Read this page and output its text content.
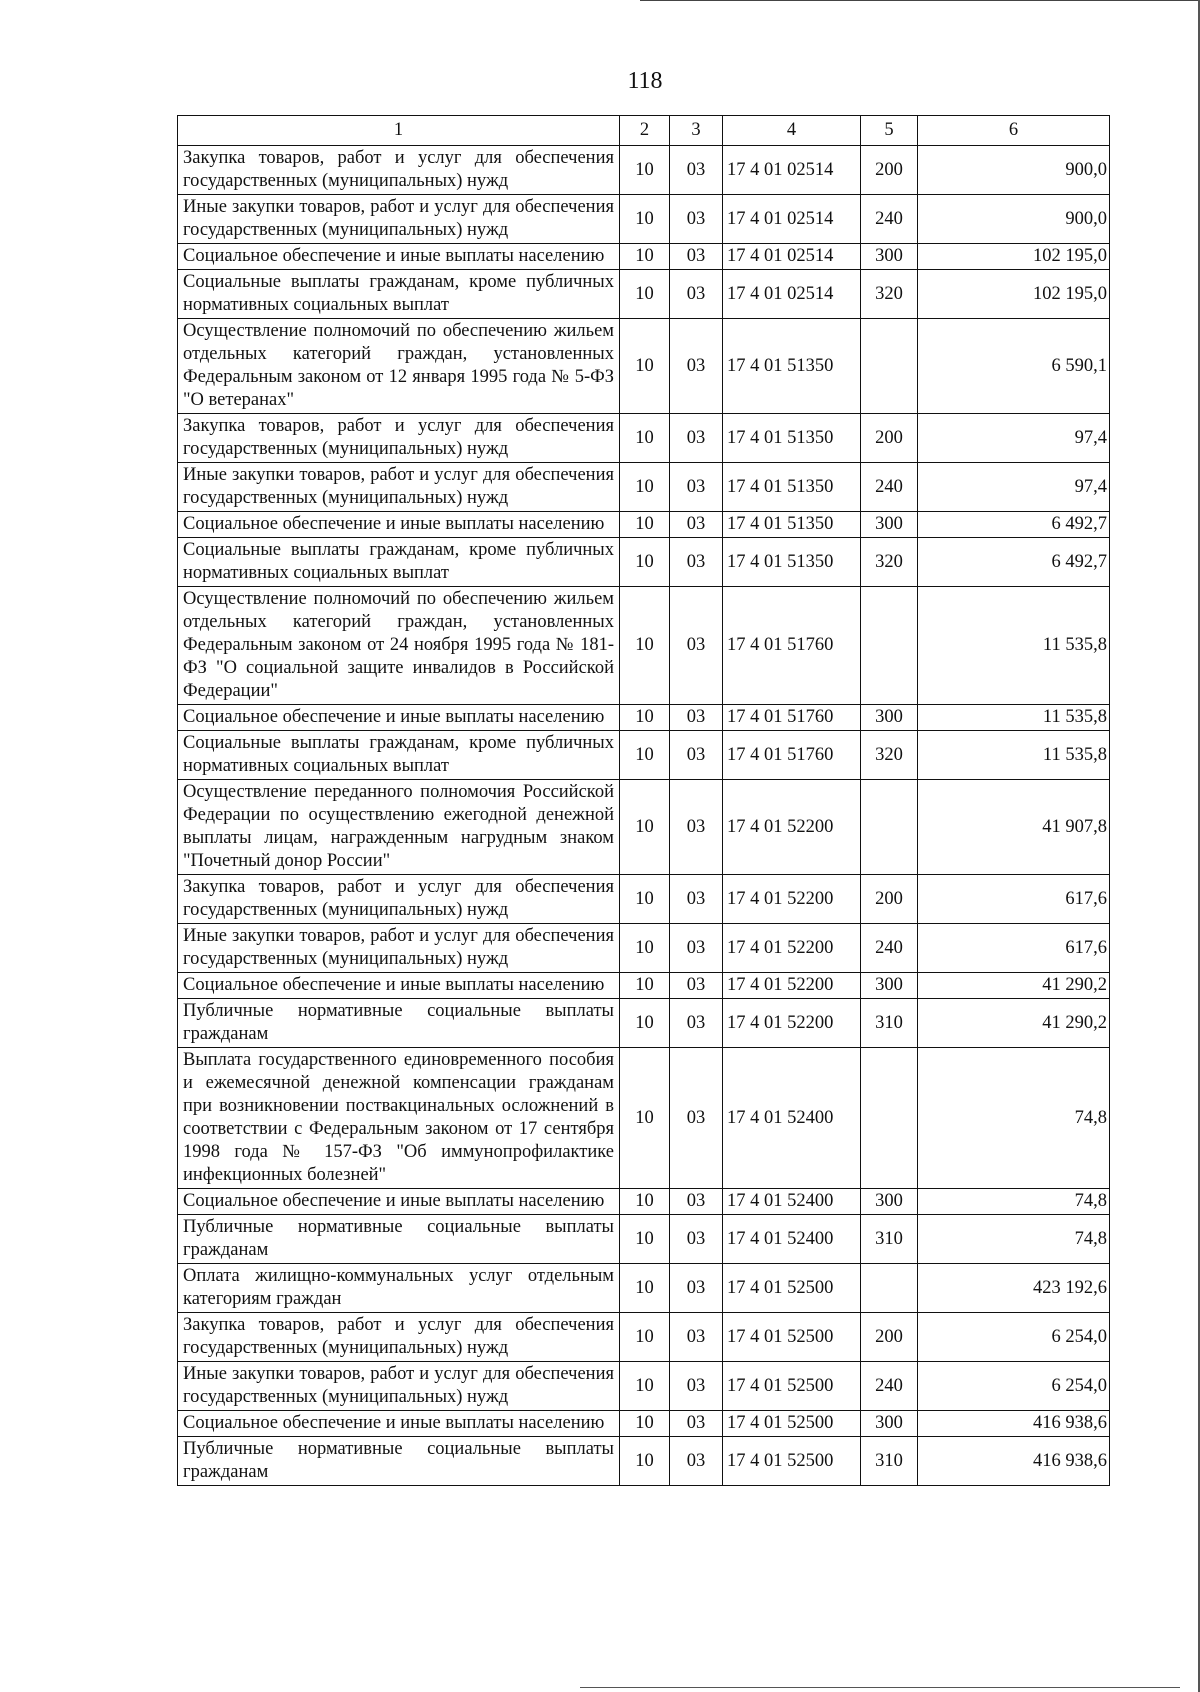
118
1	2	3	4	5	6
Закупка товаров, работ и услуг для обеспечения государственных (муниципальных) нужд	10	03	17 4 01 02514	200	900,0
Иные закупки товаров, работ и услуг для обеспечения государственных (муниципальных) нужд	10	03	17 4 01 02514	240	900,0
Социальное обеспечение и иные выплаты населению	10	03	17 4 01 02514	300	102 195,0
Социальные выплаты гражданам, кроме публичных нормативных социальных выплат	10	03	17 4 01 02514	320	102 195,0
Осуществление полномочий по обеспечению жильем отдельных категорий граждан, установленных Федеральным законом от 12 января 1995 года № 5-ФЗ "О ветеранах"	10	03	17 4 01 51350		6 590,1
Закупка товаров, работ и услуг для обеспечения государственных (муниципальных) нужд	10	03	17 4 01 51350	200	97,4
Иные закупки товаров, работ и услуг для обеспечения государственных (муниципальных) нужд	10	03	17 4 01 51350	240	97,4
Социальное обеспечение и иные выплаты населению	10	03	17 4 01 51350	300	6 492,7
Социальные выплаты гражданам, кроме публичных нормативных социальных выплат	10	03	17 4 01 51350	320	6 492,7
Осуществление полномочий по обеспечению жильем отдельных категорий граждан, установленных Федеральным законом от 24 ноября 1995 года № 181-ФЗ "О социальной защите инвалидов в Российской Федерации"	10	03	17 4 01 51760		11 535,8
Социальное обеспечение и иные выплаты населению	10	03	17 4 01 51760	300	11 535,8
Социальные выплаты гражданам, кроме публичных нормативных социальных выплат	10	03	17 4 01 51760	320	11 535,8
Осуществление переданного полномочия Российской Федерации по осуществлению ежегодной денежной выплаты лицам, награжденным нагрудным знаком "Почетный донор России"	10	03	17 4 01 52200		41 907,8
Закупка товаров, работ и услуг для обеспечения государственных (муниципальных) нужд	10	03	17 4 01 52200	200	617,6
Иные закупки товаров, работ и услуг для обеспечения государственных (муниципальных) нужд	10	03	17 4 01 52200	240	617,6
Социальное обеспечение и иные выплаты населению	10	03	17 4 01 52200	300	41 290,2
Публичные нормативные социальные выплаты гражданам	10	03	17 4 01 52200	310	41 290,2
Выплата государственного единовременного пособия и ежемесячной денежной компенсации гражданам при возникновении поствакцинальных осложнений в соответствии с Федеральным законом от 17 сентября 1998 года № 157-ФЗ "Об иммунопрофилактике инфекционных болезней"	10	03	17 4 01 52400		74,8
Социальное обеспечение и иные выплаты населению	10	03	17 4 01 52400	300	74,8
Публичные нормативные социальные выплаты гражданам	10	03	17 4 01 52400	310	74,8
Оплата жилищно-коммунальных услуг отдельным категориям граждан	10	03	17 4 01 52500		423 192,6
Закупка товаров, работ и услуг для обеспечения государственных (муниципальных) нужд	10	03	17 4 01 52500	200	6 254,0
Иные закупки товаров, работ и услуг для обеспечения государственных (муниципальных) нужд	10	03	17 4 01 52500	240	6 254,0
Социальное обеспечение и иные выплаты населению	10	03	17 4 01 52500	300	416 938,6
Публичные нормативные социальные выплаты гражданам	10	03	17 4 01 52500	310	416 938,6
